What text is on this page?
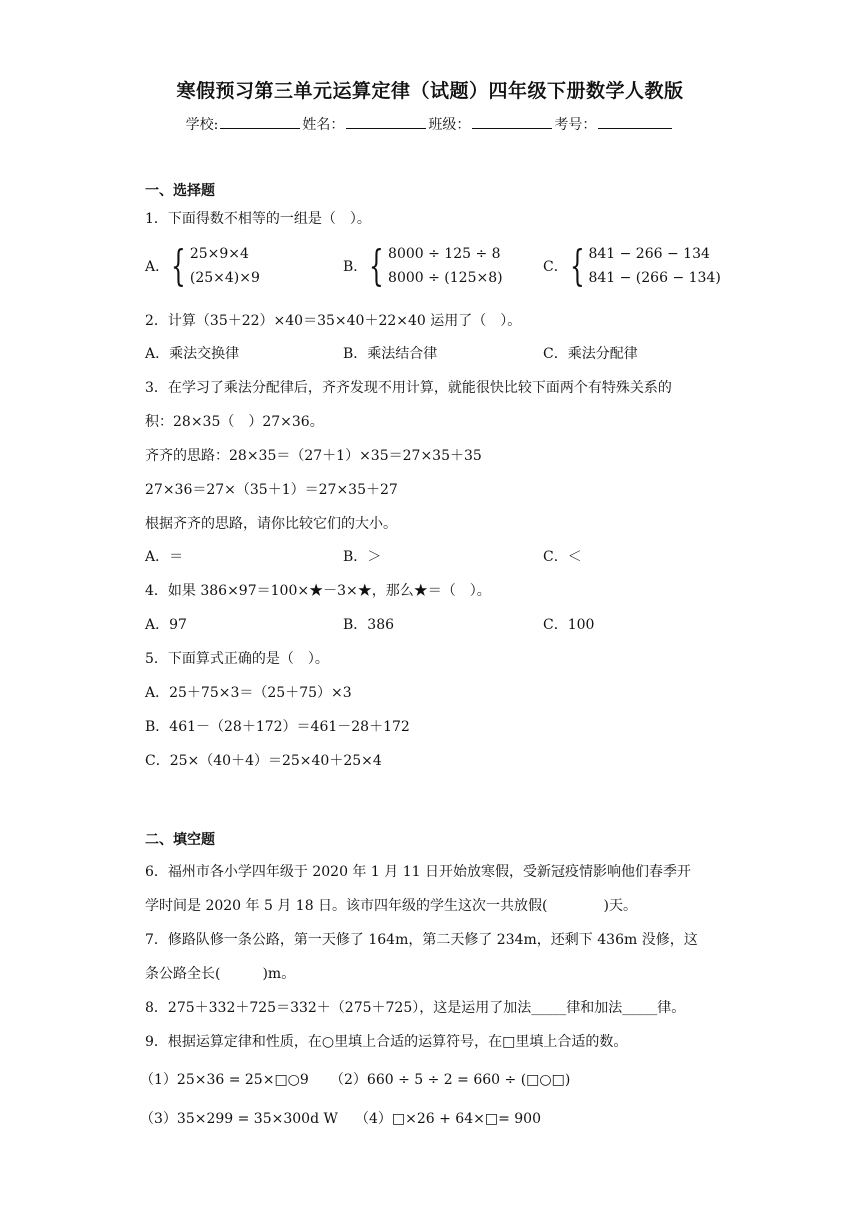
寒假预习第三单元运算定律（试题）四年级下册数学人教版
学校:	姓名：	班级：	考号：
一、选择题
1．下面得数不相等的一组是（　）。
A． { 25×9×4
(25×4)×9
B． { 8000 ÷ 125 ÷ 8
8000 ÷ (125×8)
C． { 841 − 266 − 134
841 − (266 − 134)
2．计算（35＋22）×40＝35×40＋22×40 运用了（　）。
A．乘法交换律	B．乘法结合律	C．乘法分配律
3．在学习了乘法分配律后，齐齐发现不用计算，就能很快比较下面两个有特殊关系的
积：28×35（　）27×36。
齐齐的思路：28×35＝（27＋1）×35＝27×35＋35
27×36＝27×（35＋1）＝27×35＋27
根据齐齐的思路，请你比较它们的大小。
A．＝	B．＞	C．＜
4．如果 386×97＝100×★－3×★，那么★＝（　）。
A．97	B．386	C．100
5．下面算式正确的是（　）。
A．25＋75×3＝（25＋75）×3
B．461－（28＋172）＝461－28＋172
C．25×（40＋4）＝25×40＋25×4
二、填空题
6．福州市各小学四年级于 2020 年 1 月 11 日开始放寒假，受新冠疫情影响他们春季开
学时间是 2020 年 5 月 18 日。该市四年级的学生这次一共放假(　　　　)天。
7．修路队修一条公路，第一天修了 164m，第二天修了 234m，还剩下 436m 没修，这
条公路全长(　　　)m。
8．275＋332＋725＝332＋（275＋725），这是运用了加法_____律和加法_____律。
9．根据运算定律和性质，在○里填上合适的运算符号，在□里填上合适的数。
（1）25×36 = 25×□○9 （2）660 ÷ 5 ÷ 2 = 660 ÷ (□○□)
（3）35×299 = 35×300d W （4）□×26 + 64×□= 900
